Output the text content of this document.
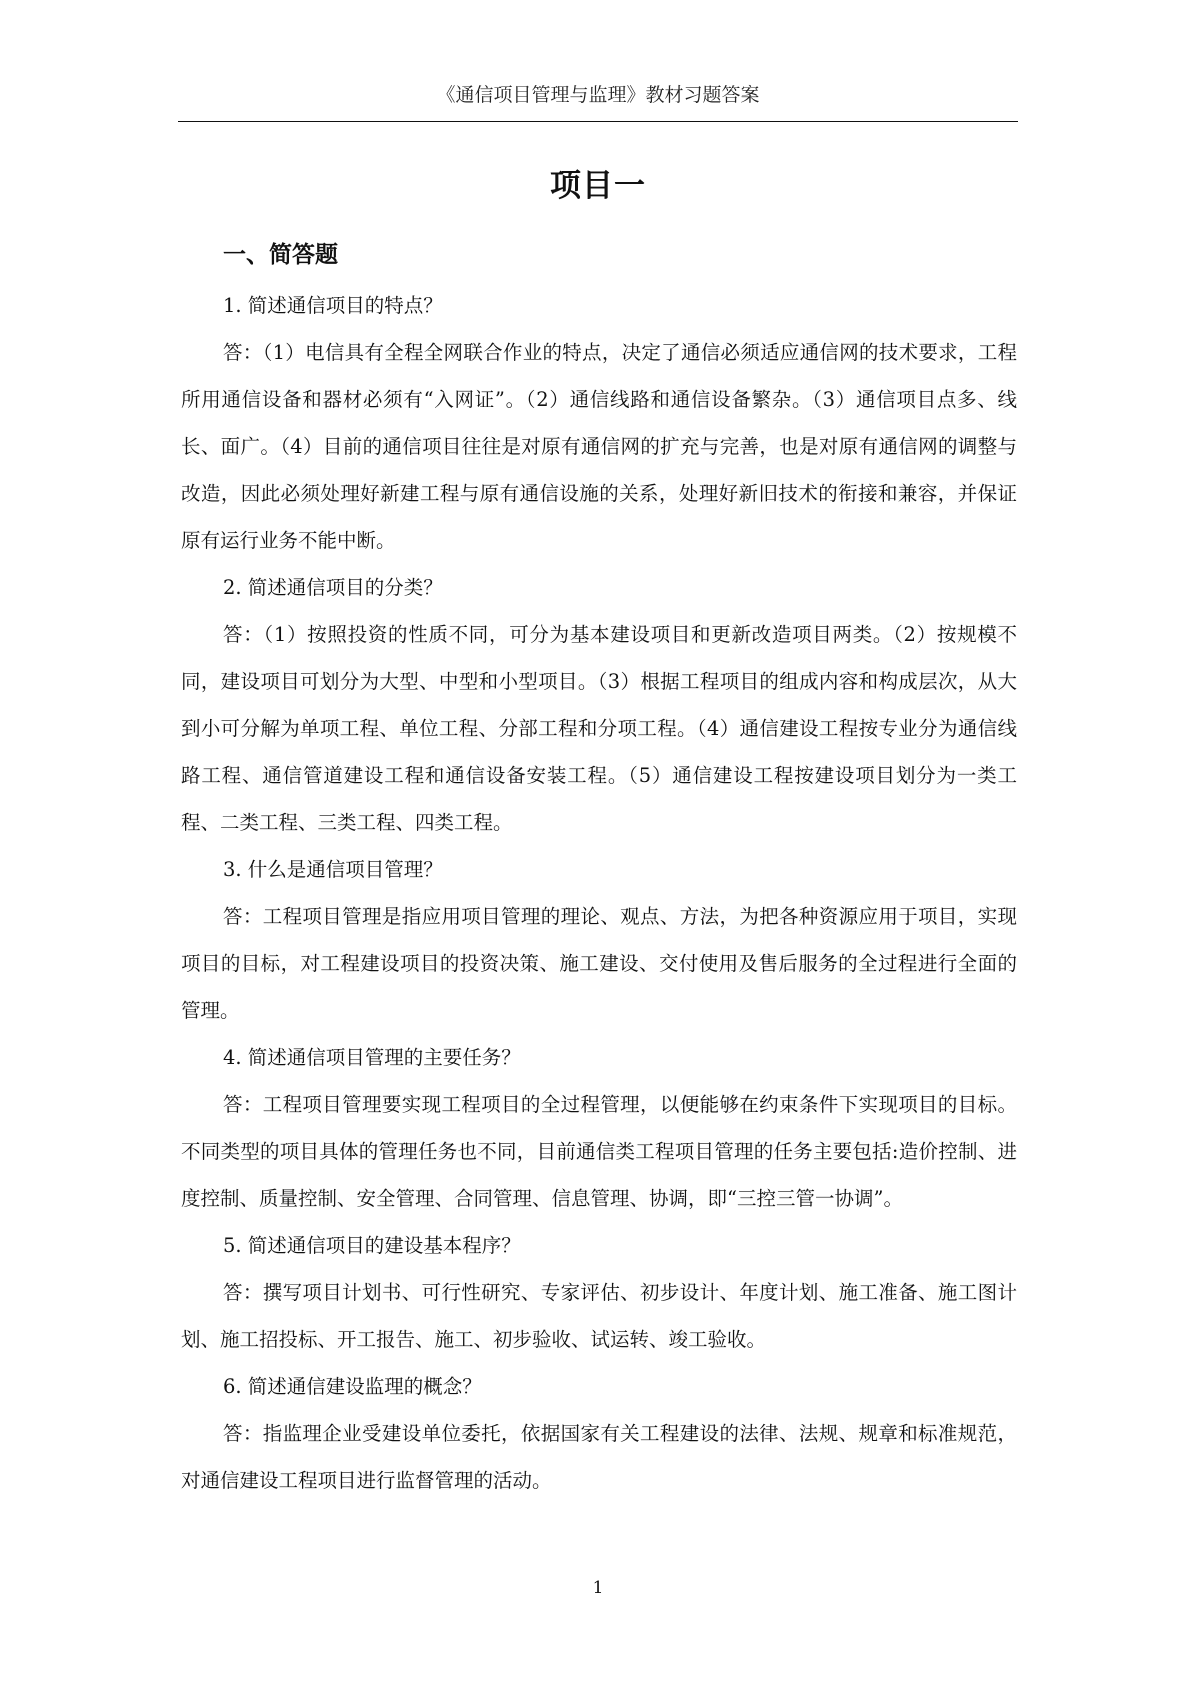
《通信项目管理与监理》教材习题答案
项目一
一、简答题

1. 简述通信项目的特点？

答：（1）电信具有全程全网联合作业的特点，决定了通信必须适应通信网的技术要求，工程所用通信设备和器材必须有“入网证”。（2）通信线路和通信设备繁杂。（3）通信项目点多、线长、面广。（4）目前的通信项目往往是对原有通信网的扩充与完善，也是对原有通信网的调整与改造，因此必须处理好新建工程与原有通信设施的关系，处理好新旧技术的衔接和兼容，并保证原有运行业务不能中断。

2. 简述通信项目的分类？

答：（1）按照投资的性质不同，可分为基本建设项目和更新改造项目两类。（2）按规模不同，建设项目可划分为大型、中型和小型项目。（3）根据工程项目的组成内容和构成层次，从大到小可分解为单项工程、单位工程、分部工程和分项工程。（4）通信建设工程按专业分为通信线路工程、通信管道建设工程和通信设备安装工程。（5）通信建设工程按建设项目划分为一类工程、二类工程、三类工程、四类工程。

3. 什么是通信项目管理？

答：工程项目管理是指应用项目管理的理论、观点、方法，为把各种资源应用于项目，实现项目的目标，对工程建设项目的投资决策、施工建设、交付使用及售后服务的全过程进行全面的管理。

4. 简述通信项目管理的主要任务？

答：工程项目管理要实现工程项目的全过程管理，以便能够在约束条件下实现项目的目标。不同类型的项目具体的管理任务也不同，目前通信类工程项目管理的任务主要包括:造价控制、进度控制、质量控制、安全管理、合同管理、信息管理、协调，即“三控三管一协调”。

5. 简述通信项目的建设基本程序？

答：撰写项目计划书、可行性研究、专家评估、初步设计、年度计划、施工准备、施工图计划、施工招投标、开工报告、施工、初步验收、试运转、竣工验收。

6. 简述通信建设监理的概念？

答：指监理企业受建设单位委托，依据国家有关工程建设的法律、法规、规章和标准规范，对通信建设工程项目进行监督管理的活动。

1
